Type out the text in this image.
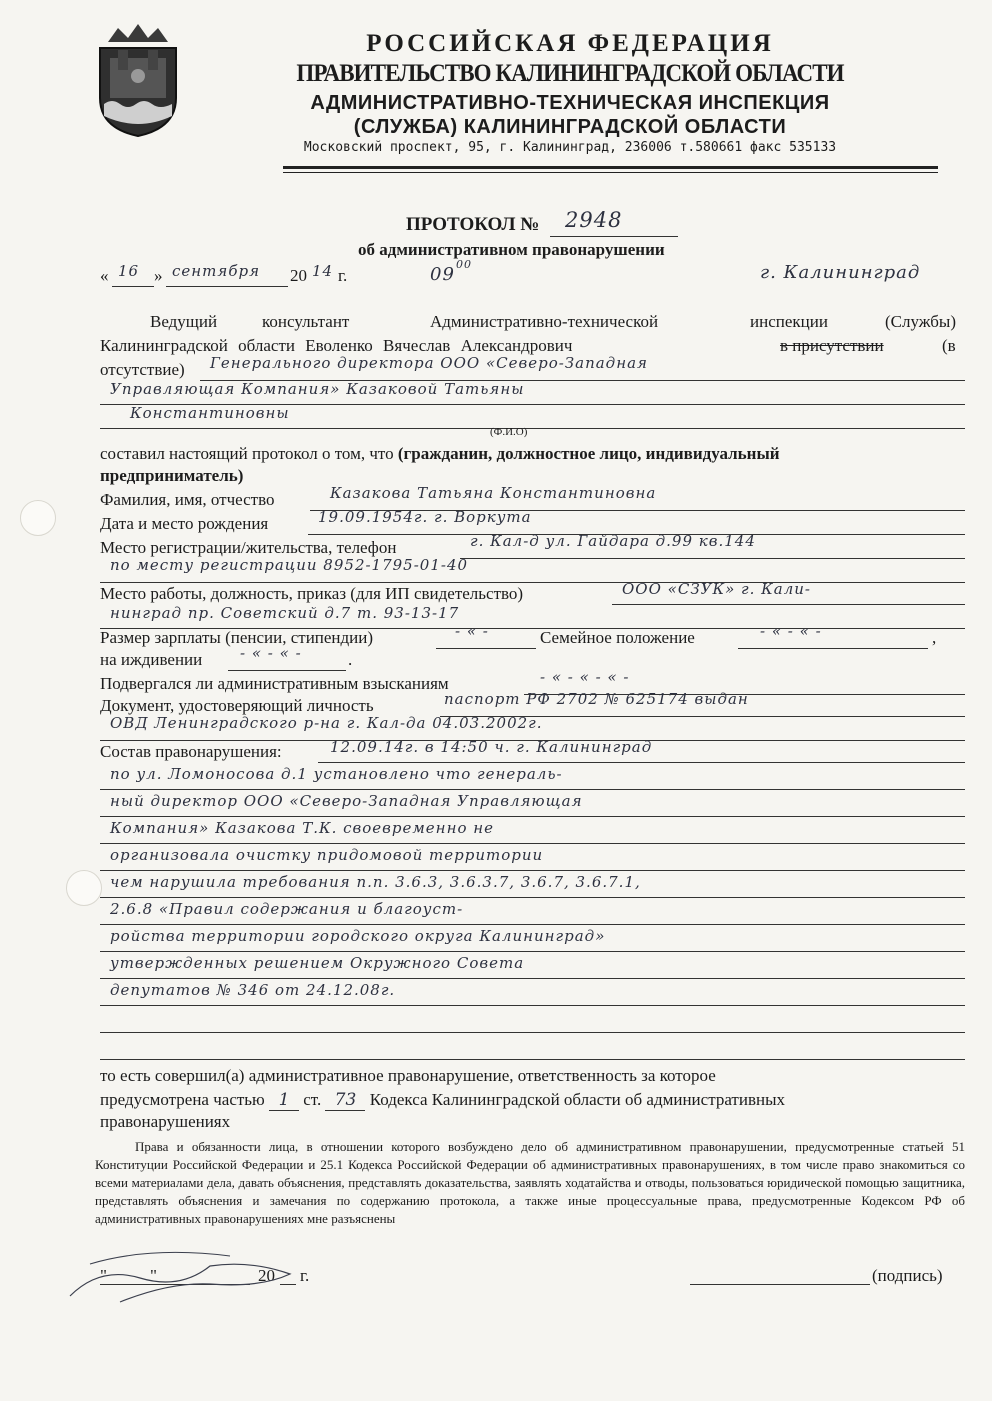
РОССИЙСКАЯ ФЕДЕРАЦИЯ
ПРАВИТЕЛЬСТВО КАЛИНИНГРАДСКОЙ ОБЛАСТИ
АДМИНИСТРАТИВНО-ТЕХНИЧЕСКАЯ ИНСПЕКЦИЯ
(СЛУЖБА) КАЛИНИНГРАДСКОЙ ОБЛАСТИ
Московский проспект, 95, г. Калининград, 236006 т.580661 факс 535133
ПРОТОКОЛ № 2948
об административном правонарушении
« 16 » сентября 20 14 г.	09 00	г. Калининград
Ведущий	консультант	Административно-технической	инспекции	(Службы)
Калининградской области Еволенко Вячеслав Александрович	в присутствии	(в
отсутствие) Генерального директора ООО «Северо-Западная
Управляющая Компания» Казаковой Татьяны
Константиновны
(Ф.И.О)
составил настоящий протокол о том, что (гражданин, должностное лицо, индивидуальный
предприниматель)
Фамилия, имя, отчество	Казакова Татьяна Константиновна
Дата и место рождения	19.09.1954г. г. Воркута
Место регистрации/жительства, телефон	г. Кал-д ул. Гайдара д.99 кв.144
по месту регистрации 8952-1795-01-40
Место работы, должность, приказ (для ИП свидетельство)	ООО «СЗУК» г. Кали-
нинград пр. Советский д.7 т. 93-13-17
Размер зарплаты (пенсии, стипендии)	- « -	Семейное положение	- « - « -	,
на иждивении	- « - « -	.
Подвергался ли административным взысканиям	- « - « - « -
Документ, удостоверяющий личность	паспорт РФ 2702 № 625174 выдан
ОВД Ленинградского р-на г. Кал-да 04.03.2002г.
Состав правонарушения:	12.09.14г. в 14:50 ч. г. Калининград
по ул. Ломоносова д.1 установлено что генераль-
ный директор ООО «Северо-Западная Управляющая
Компания» Казакова Т.К. своевременно не
организовала очистку придомовой территории
чем нарушила требования п.п. 3.6.3, 3.6.3.7, 3.6.7, 3.6.7.1,
2.6.8 «Правил содержания и благоуст-
ройства территории городского округа Калининград»
утвержденных решением Окружного Совета
депутатов № 346 от 24.12.08г.
то есть совершил(а) административное правонарушение, ответственность за которое
предусмотрена частью 1 ст. 73 Кодекса Калининградской области об административных
правонарушениях
Права и обязанности лица, в отношении которого возбуждено дело об административном правонарушении, предусмотренные статьей 51 Конституции Российской Федерации и 25.1 Кодекса Российской Федерации об административных правонарушениях, в том числе право знакомиться со всеми материалами дела, давать объяснения, представлять доказательства, заявлять ходатайства и отводы, пользоваться юридической помощью защитника, представлять объяснения и замечания по содержанию протокола, а также иные процессуальные права, предусмотренные Кодексом РФ об административных правонарушениях мне разъяснены
"	"	20 г.	(подпись)
